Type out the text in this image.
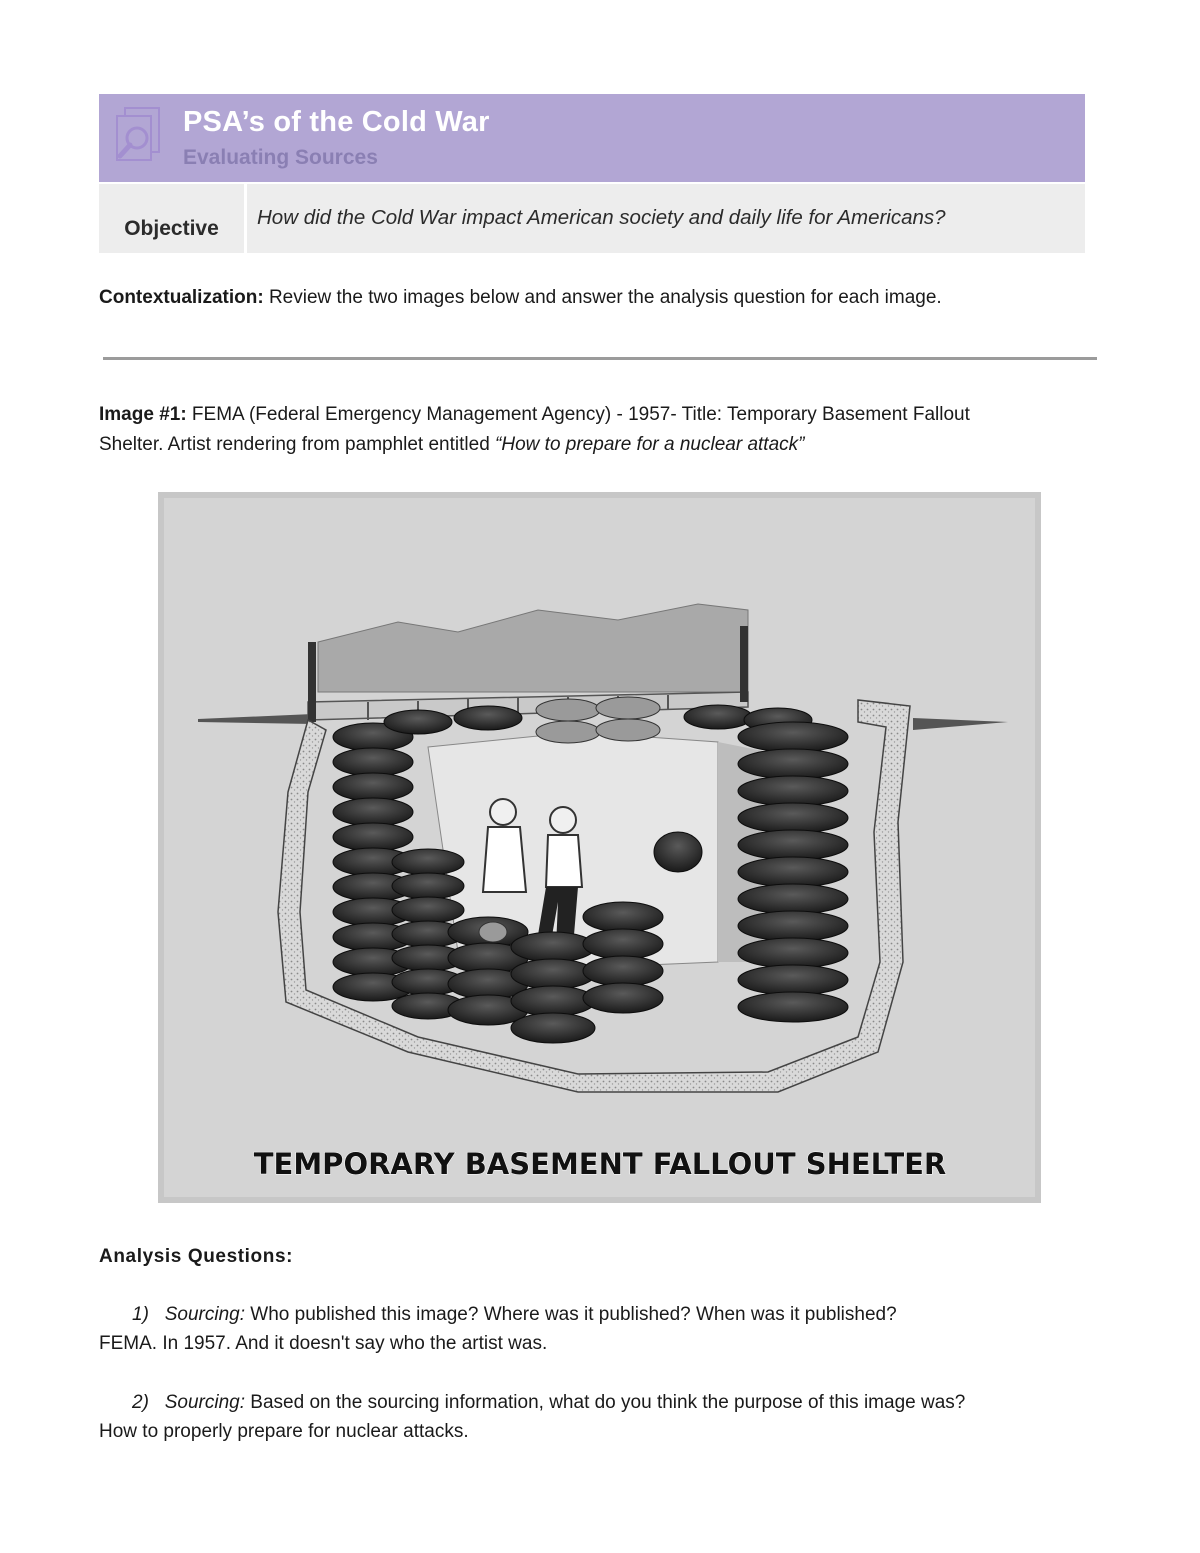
PSA’s of the Cold War
Evaluating Sources
Objective	How did the Cold War impact American society and daily life for Americans?
Contextualization: Review the two images below and answer the analysis question for each image.
Image #1: FEMA (Federal Emergency Management Agency) - 1957- Title: Temporary Basement Fallout
Shelter. Artist rendering from pamphlet entitled “How to prepare for a nuclear attack”
TEMPORARY BASEMENT FALLOUT SHELTER
Analysis Questions:
1) Sourcing: Who published this image? Where was it published? When was it published?
FEMA. In 1957. And it doesn't say who the artist was.
2) Sourcing: Based on the sourcing information, what do you think the purpose of this image was?
How to properly prepare for nuclear attacks.
